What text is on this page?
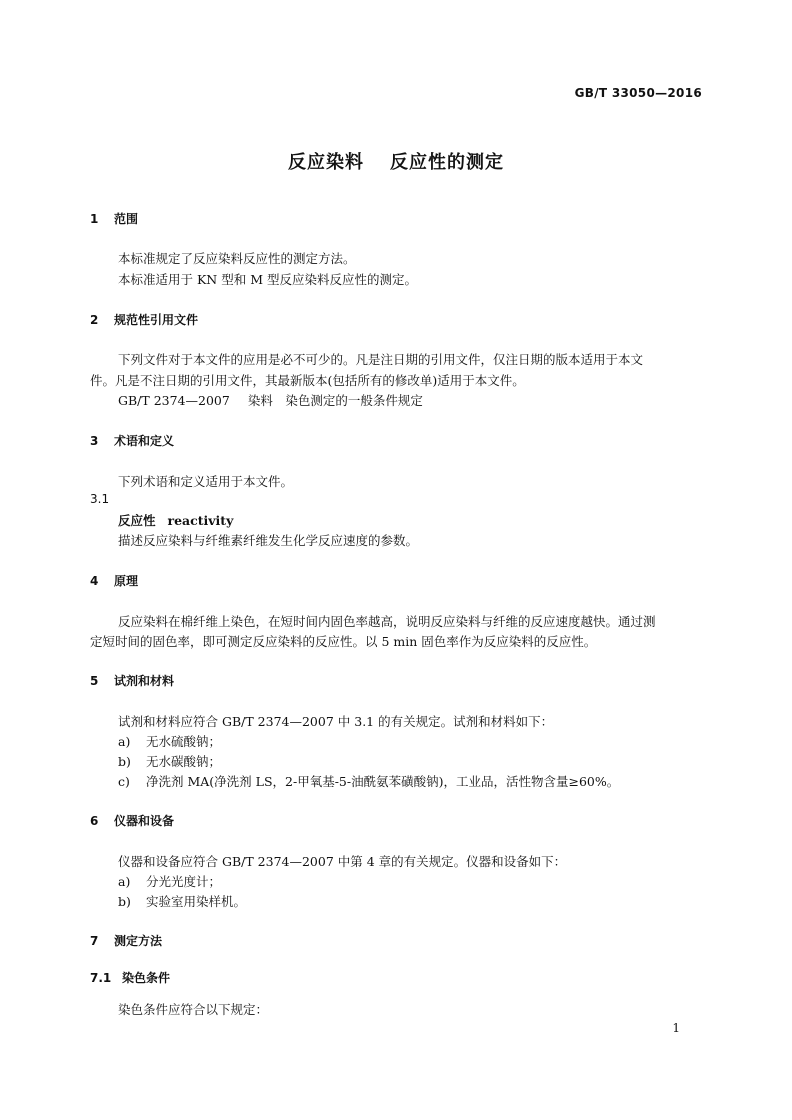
GB/T 33050—2016
反应染料 反应性的测定
1 范围
本标准规定了反应染料反应性的测定方法。
本标准适用于 KN 型和 M 型反应染料反应性的测定。
2 规范性引用文件
下列文件对于本文件的应用是必不可少的。凡是注日期的引用文件，仅注日期的版本适用于本文
件。凡是不注日期的引用文件，其最新版本(包括所有的修改单)适用于本文件。
GB/T 2374—2007 染料　染色测定的一般条件规定
3 术语和定义
下列术语和定义适用于本文件。
3.1
反应性 reactivity
描述反应染料与纤维素纤维发生化学反应速度的参数。
4 原理
反应染料在棉纤维上染色，在短时间内固色率越高，说明反应染料与纤维的反应速度越快。通过测
定短时间的固色率，即可测定反应染料的反应性。以 5 min 固色率作为反应染料的反应性。
5 试剂和材料
试剂和材料应符合 GB/T 2374—2007 中 3.1 的有关规定。试剂和材料如下：
a) 无水硫酸钠；
b) 无水碳酸钠；
c) 净洗剂 MA(净洗剂 LS，2-甲氧基-5-油酰氨苯磺酸钠)，工业品，活性物含量≥60%。
6 仪器和设备
仪器和设备应符合 GB/T 2374—2007 中第 4 章的有关规定。仪器和设备如下：
a) 分光光度计；
b) 实验室用染样机。
7 测定方法
7.1 染色条件
染色条件应符合以下规定：
1
